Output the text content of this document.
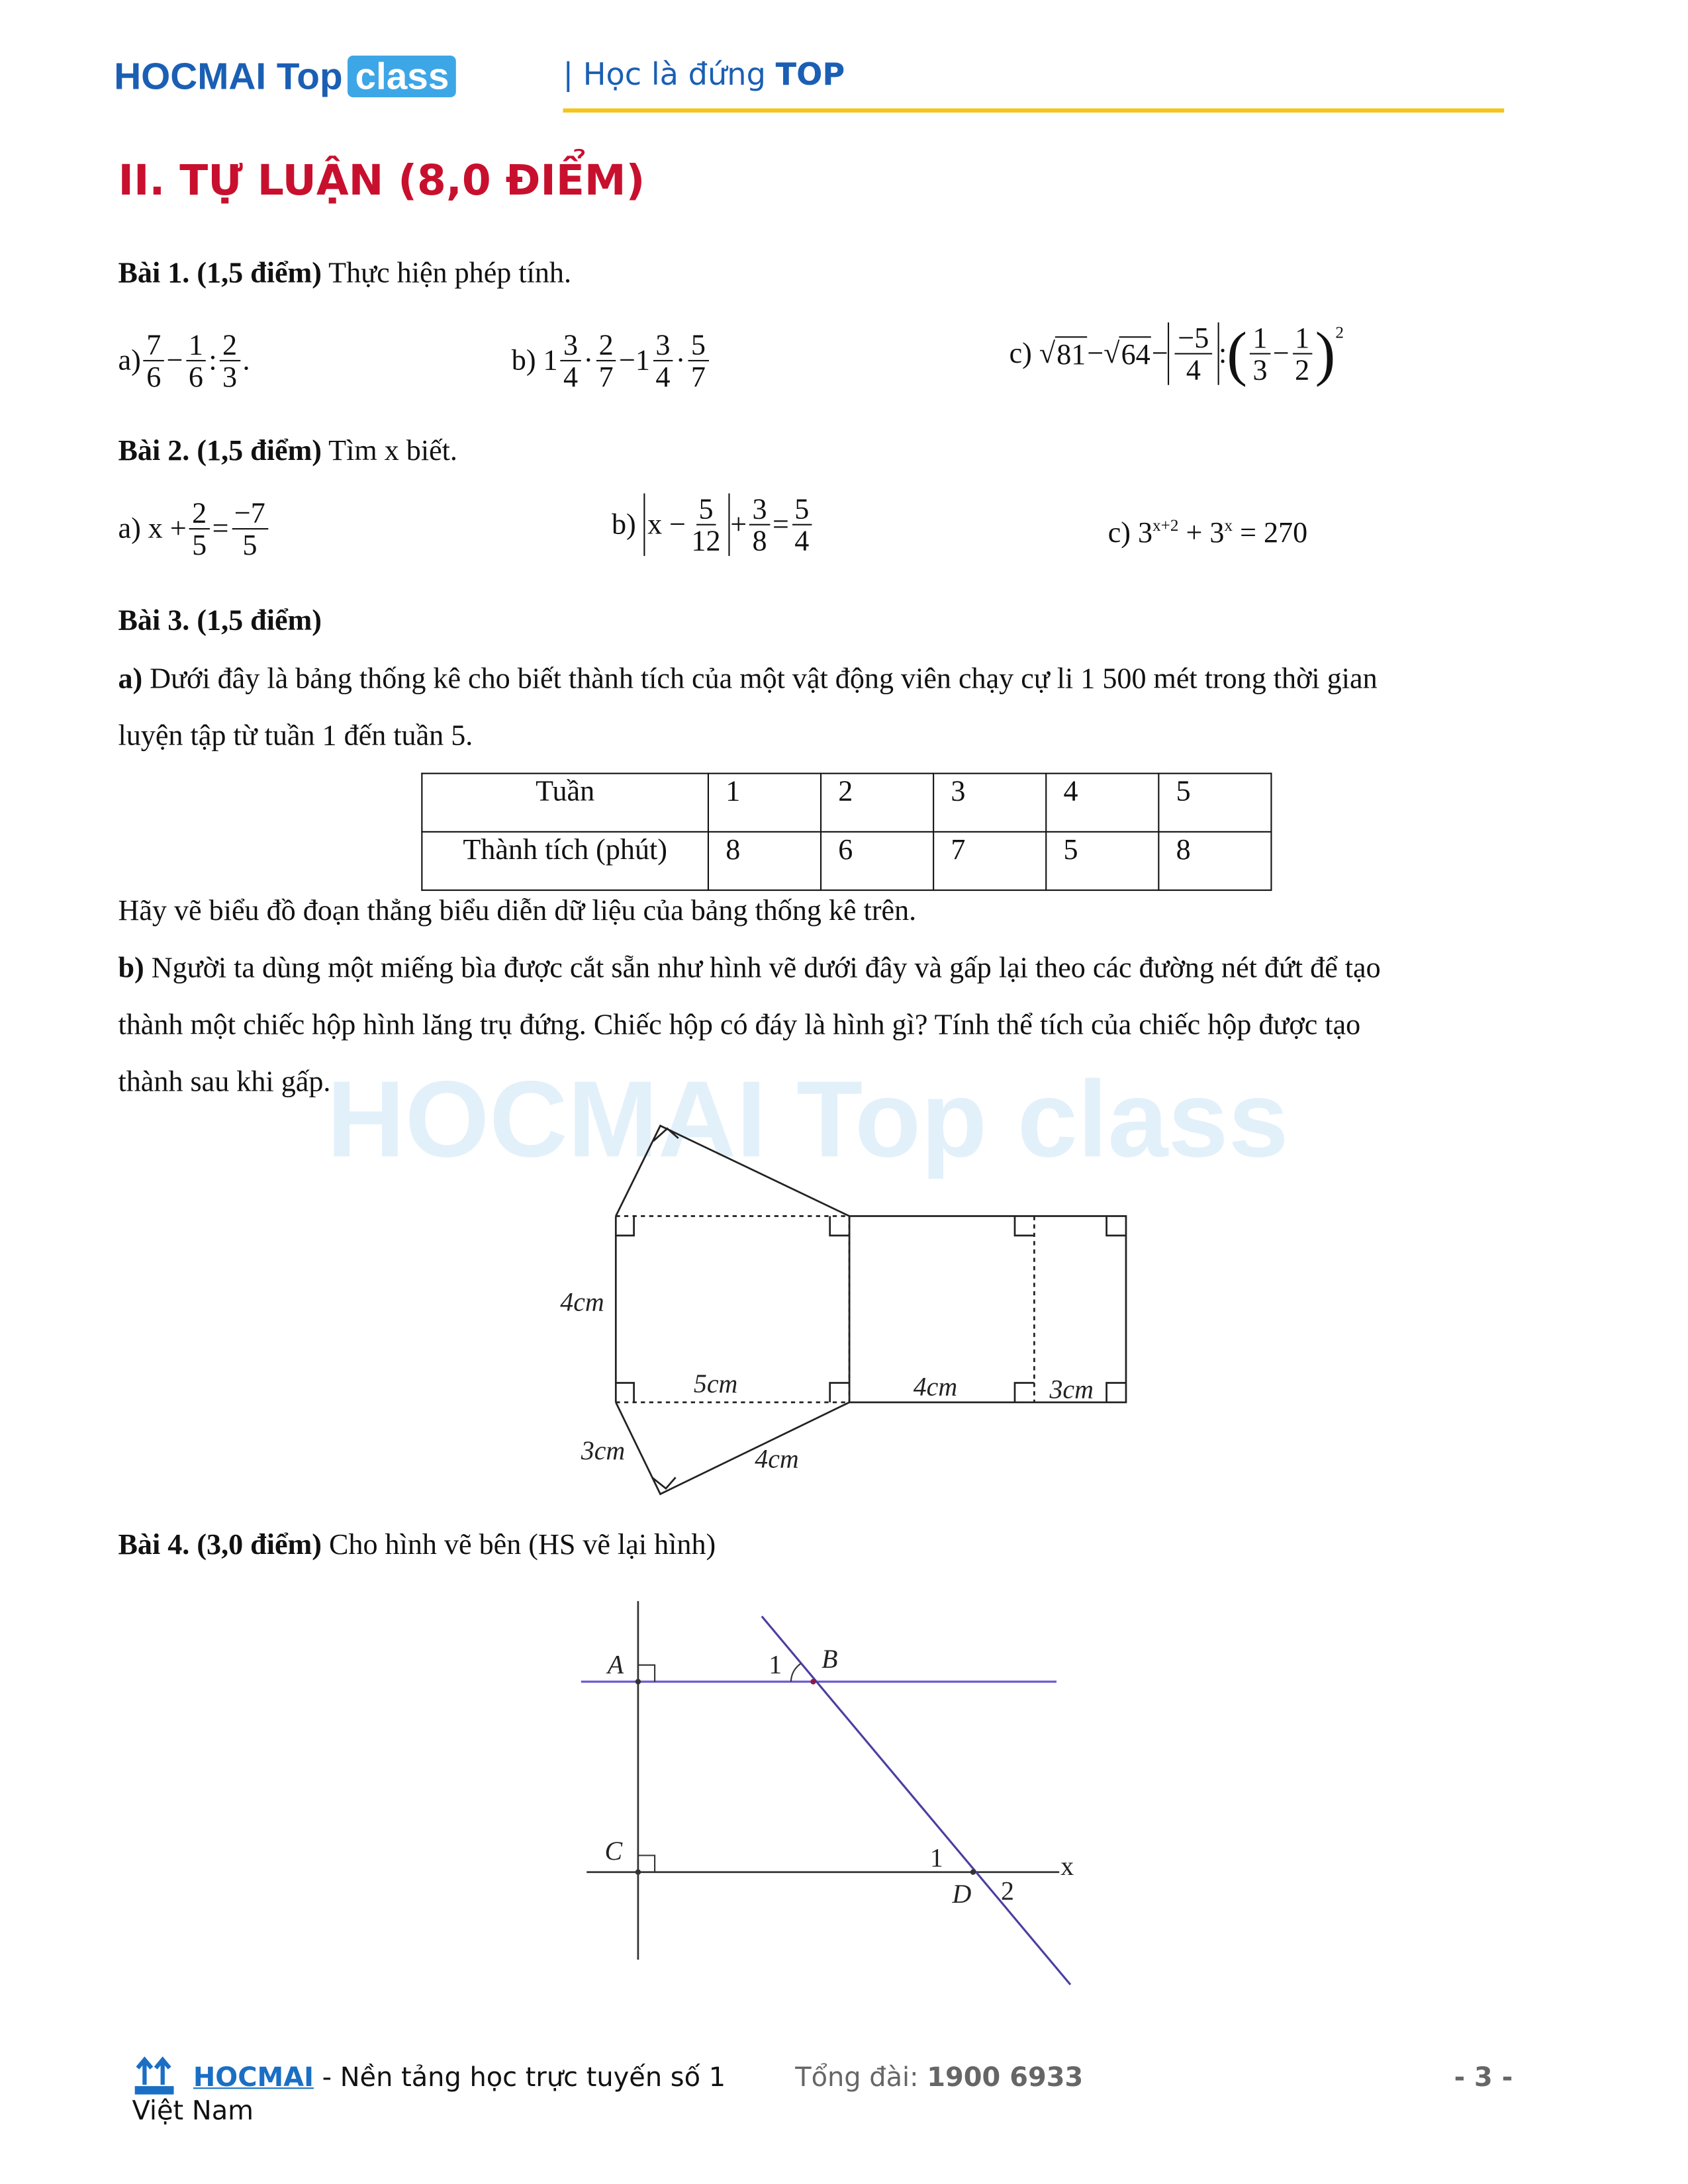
HOCMAI Top class	| Học là đứng TOP
II. TỰ LUẬN (8,0 ĐIỂM)
Bài 1. (1,5 điểm) Thực hiện phép tính.
$a) \frac{7}{6} - \frac{1}{6}$ : $\frac{2}{3}$ .	b) $1 \frac{3}{4} \cdot \frac{2}{7} -1 \frac{3}{4} \cdot \frac{5}{7}$	c) √ 81 − √ $64 - \frac{-5}{4}$ : ( $\frac{1}{3} - \frac{1}{2} )^2$
Bài 2. (1,5 điểm) Tìm x biết.
a) $x + \frac{2}{5} = \frac{-7}{5}$	b)
$x - \frac{5}{12} + \frac{3}{8} = \frac{5}{4}$	c) $3^{x+2} + 3^x = 270$
Bài 3. (1,5 điểm)
a) Dưới đây là bảng thống kê cho biết thành tích của một vật động viên chạy cự li 1 500 mét trong thời gian
luyện tập từ tuần 1 đến tuần 5.
Tuần	1	2	3	4	5
Thành tích (phút)	8	6	7	5	8
Hãy vẽ biểu đồ đoạn thẳng biểu diễn dữ liệu của bảng thống kê trên.
b) Người ta dùng một miếng bìa được cắt sẵn như hình vẽ dưới đây và gấp lại theo các đường nét đứt để tạo
thành một chiếc hộp hình lăng trụ đứng. Chiếc hộp có đáy là hình gì? Tính thể tích của chiếc hộp được tạo
thành sau khi gấp.
HOCMAI Top class
4cm
5cm	4cm	3cm
3cm	4cm
A	1	B
C	1
D 2
x
Bài 4. (3,0 điểm) Cho hình vẽ bên (HS vẽ lại hình)
HOCMAI - Nền tảng học trực tuyến số 1
Việt Nam
Tổng đài: 1900 6933	- 3 -
